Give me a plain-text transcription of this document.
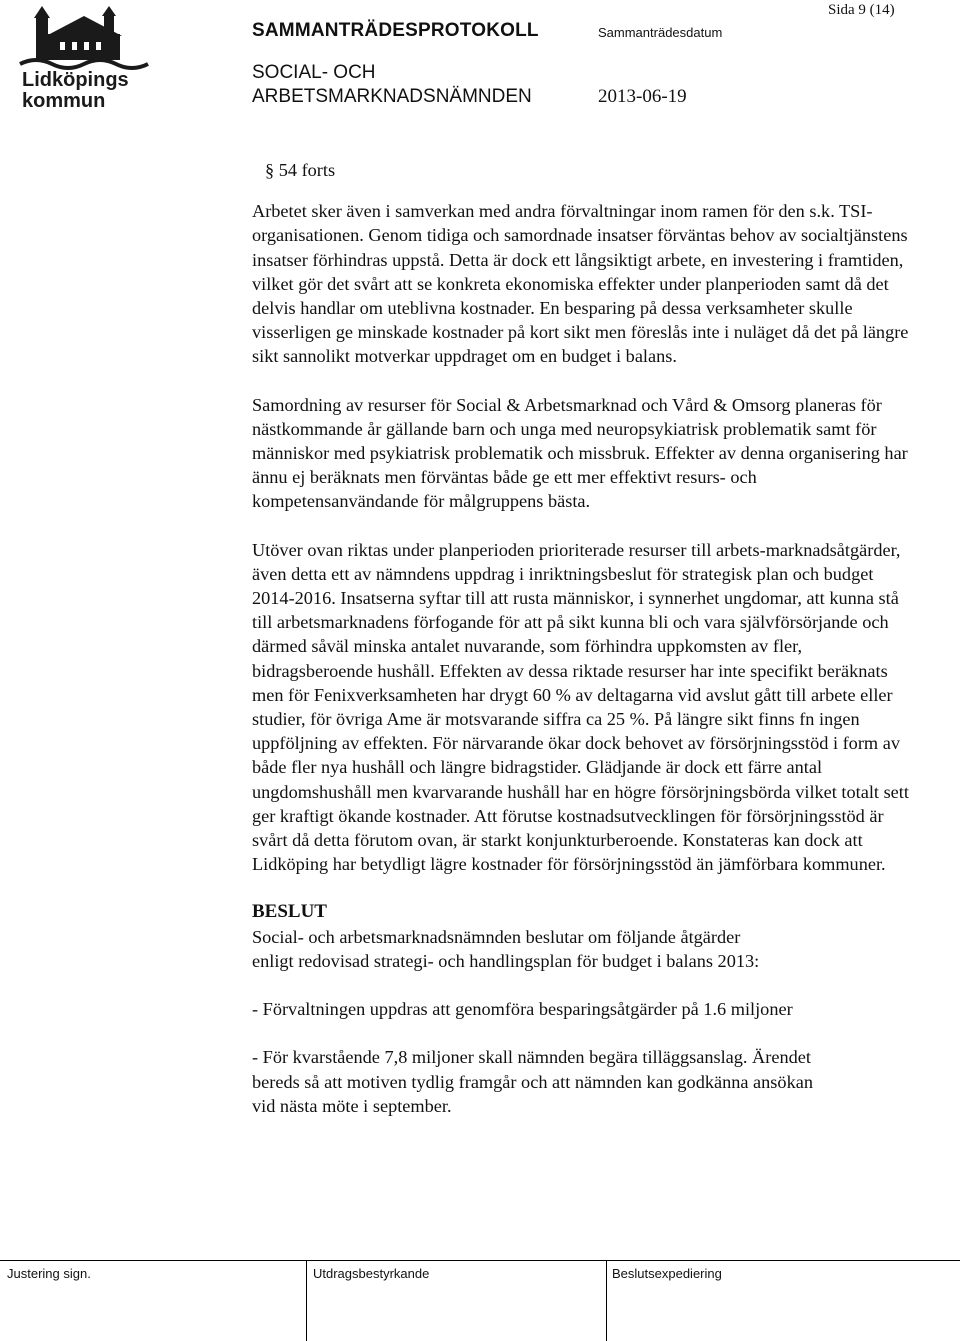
Lidköpings
kommun
SAMMANTRÄDESPROTOKOLL	Sammanträdesdatum
Sida 9 (14)
SOCIAL- OCH
ARBETSMARKNADSNÄMNDEN	2013-06-19

§ 54 forts

Arbetet sker även i samverkan med andra förvaltningar inom ramen för den s.k. TSI- organisationen. Genom tidiga och samordnade insatser förväntas behov av socialtjänstens insatser förhindras uppstå. Detta är dock ett långsiktigt arbete, en investering i framtiden, vilket gör det svårt att se konkreta ekonomiska effekter under planperioden samt då det delvis handlar om uteblivna kostnader. En besparing på dessa verksamheter skulle visserligen ge minskade kostnader på kort sikt men föreslås inte i nuläget då det på längre sikt sannolikt motverkar uppdraget om en budget i balans.

Samordning av resurser för Social & Arbetsmarknad och Vård & Omsorg planeras för nästkommande år gällande barn och unga med neuropsykiatrisk problematik samt för människor med psykiatrisk problematik och missbruk. Effekter av denna organisering har ännu ej beräknats men förväntas både ge ett mer effektivt resurs- och kompetensanvändande för målgruppens bästa.

Utöver ovan riktas under planperioden prioriterade resurser till arbets-marknadsåtgärder, även detta ett av nämndens uppdrag i inriktningsbeslut för strategisk plan och budget 2014-2016. Insatserna syftar till att rusta människor, i synnerhet ungdomar, att kunna stå till arbetsmarknadens förfogande för att på sikt kunna bli och vara självförsörjande och därmed såväl minska antalet nuvarande, som förhindra uppkomsten av fler, bidragsberoende hushåll. Effekten av dessa riktade resurser har inte specifikt beräknats men för Fenixverksamheten har drygt 60 % av deltagarna vid avslut gått till arbete eller studier, för övriga Ame är motsvarande siffra ca 25 %. På längre sikt finns fn ingen uppföljning av effekten. För närvarande ökar dock behovet av försörjningsstöd i form av både fler nya hushåll och längre bidragstider. Glädjande är dock ett färre antal ungdomshushåll men kvarvarande hushåll har en högre försörjningsbörda vilket totalt sett ger kraftigt ökande kostnader. Att förutse kostnadsutvecklingen för försörjningsstöd är svårt då detta förutom ovan, är starkt konjunkturberoende. Konstateras kan dock att Lidköping har betydligt lägre kostnader för försörjningsstöd än jämförbara kommuner.

BESLUT

Social- och arbetsmarknadsnämnden beslutar om följande åtgärder

enligt redovisad strategi- och handlingsplan för budget i balans 2013:

- Förvaltningen uppdras att genomföra besparingsåtgärder på 1.6 miljoner

- För kvarstående 7,8 miljoner skall nämnden begära tilläggsanslag. Ärendet

bereds så att motiven tydlig framgår och att nämnden kan godkänna ansökan

vid nästa möte i september.

Justering sign.	Utdragsbestyrkande	Beslutsexpediering
